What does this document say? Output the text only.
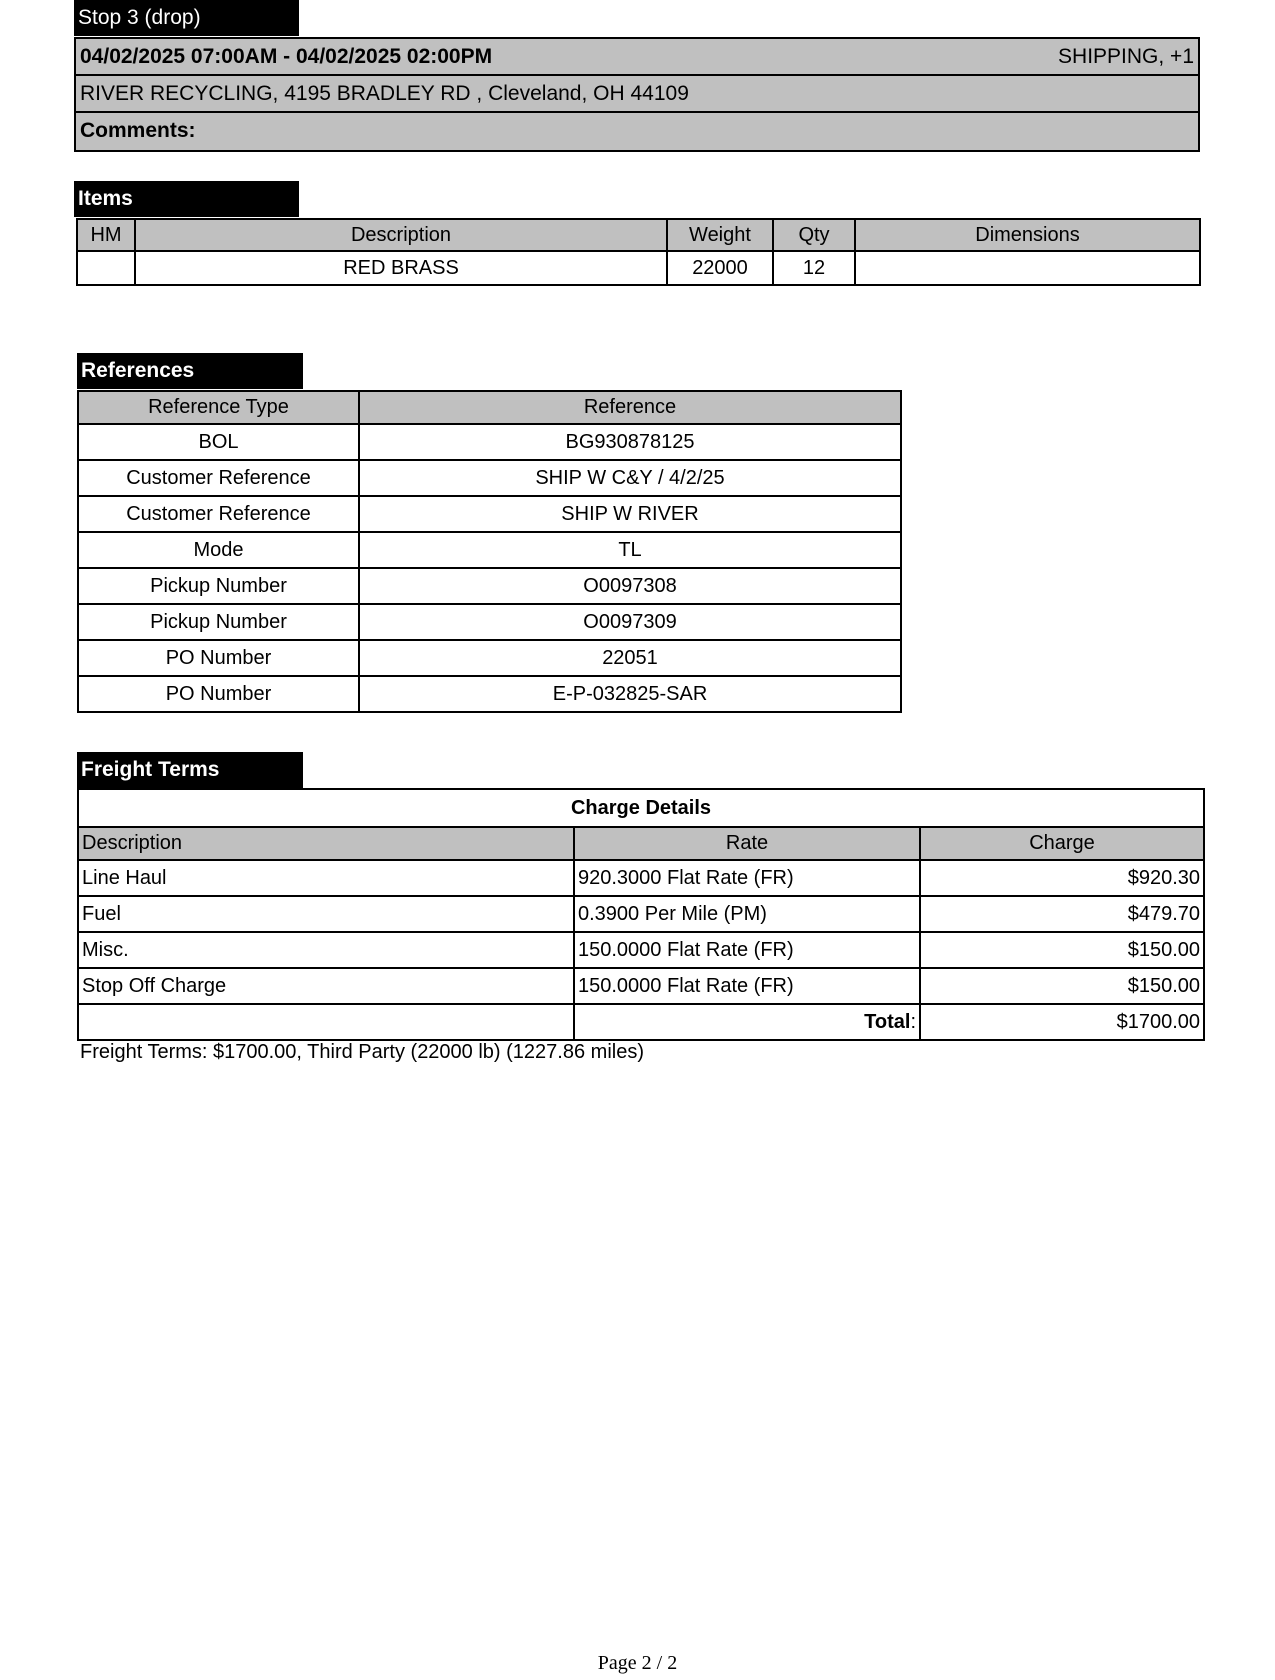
Stop 3 (drop)
04/02/2025 07:00AM - 04/02/2025 02:00PM	SHIPPING, +1
RIVER RECYCLING, 4195 BRADLEY RD , Cleveland, OH 44109
Comments:
Items
HM	Description	Weight	Qty	Dimensions
	RED BRASS	22000	12	
References
Reference Type	Reference
BOL	BG930878125
Customer Reference	SHIP W C&Y / 4/2/25
Customer Reference	SHIP W RIVER
Mode	TL
Pickup Number	O0097308
Pickup Number	O0097309
PO Number	22051
PO Number	E-P-032825-SAR
Freight Terms
Charge Details		
Description	Rate	Charge
Line Haul	920.3000 Flat Rate (FR)	$920.30
Fuel	0.3900 Per Mile (PM)	$479.70
Misc.	150.0000 Flat Rate (FR)	$150.00
Stop Off Charge	150.0000 Flat Rate (FR)	$150.00
	Total:	$1700.00
Freight Terms: $1700.00, Third Party (22000 lb) (1227.86 miles)
Page 2 / 2
